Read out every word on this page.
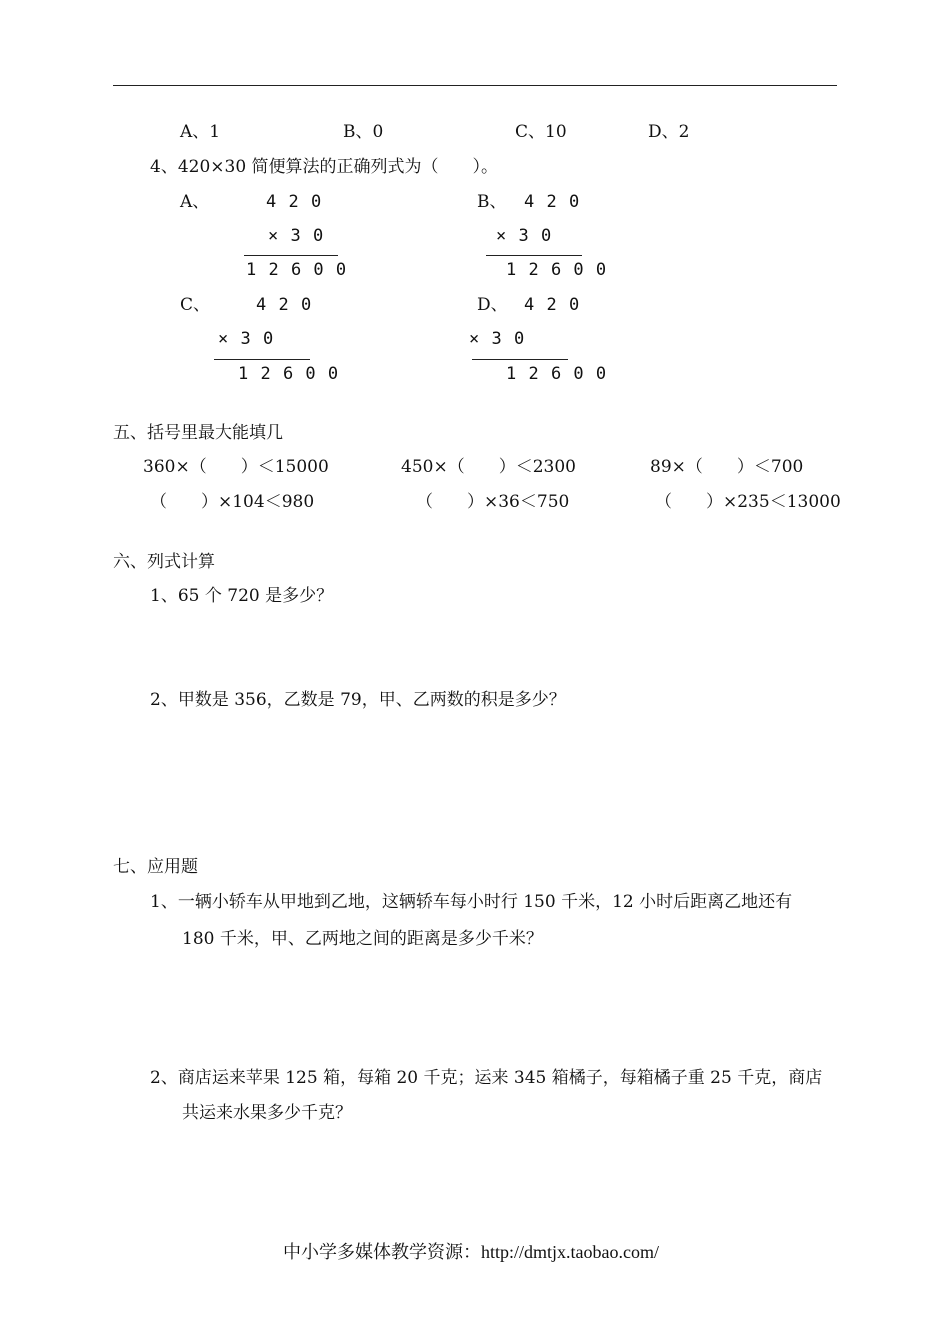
A、1	B、0	C、10	D、2
4、420×30 简便算法的正确列式为（　　）。
A、	4 2 0
× 3 0
1 2 6 0 0
B、 4 2 0
× 3 0
1 2 6 0 0
C、	4 2 0
× 3 0
1 2 6 0 0
D、 4 2 0
× 3 0
1 2 6 0 0
五、括号里最大能填几
360×（　　）＜15000	450×（　　）＜2300	89×（　　）＜700
（　　）×104＜980	（　　）×36＜750	（　　）×235＜13000
六、列式计算
1、65 个 720 是多少？
2、甲数是 356，乙数是 79，甲、乙两数的积是多少？
七、应用题
1、一辆小轿车从甲地到乙地，这辆轿车每小时行 150 千米，12 小时后距离乙地还有
180 千米，甲、乙两地之间的距离是多少千米？
2、商店运来苹果 125 箱，每箱 20 千克；运来 345 箱橘子，每箱橘子重 25 千克，商店
共运来水果多少千克？
中小学多媒体教学资源：http://dmtjx.taobao.com/
